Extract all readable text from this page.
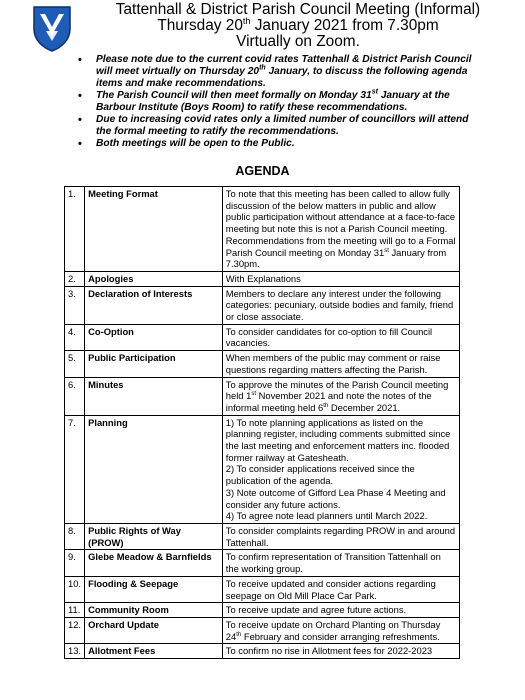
Tattenhall & District Parish Council Meeting (Informal)

Thursday 20th January 2021 from 7.30pm

Virtually on Zoom.

• Please note due to the current covid rates Tattenhall & District Parish Council will meet virtually on Thursday 20th January, to discuss the following agenda items and make recommendations.
• The Parish Council will then meet formally on Monday 31st January at the Barbour Institute (Boys Room) to ratify these recommendations.
• Due to increasing covid rates only a limited number of councillors will attend the formal meeting to ratify the recommendations.
• Both meetings will be open to the Public.

AGENDA

1.	Meeting Format	To note that this meeting has been called to allow fully discussion of the below matters in public and allow public participation without attendance at a face-to-face meeting but note this is not a Parish Council meeting.
Recommendations from the meeting will go to a Formal Parish Council meeting on Monday 31st January from 7.30pm.

2.	Apologies	With Explanations

3.	Declaration of Interests	Members to declare any interest under the following categories: pecuniary, outside bodies and family, friend or close associate.

4.	Co-Option	To consider candidates for co-option to fill Council vacancies.

5.	Public Participation	When members of the public may comment or raise questions regarding matters affecting the Parish.

6.	Minutes	To approve the minutes of the Parish Council meeting held 1st November 2021 and note the notes of the informal meeting held 6th December 2021.

7.	Planning	1) To note planning applications as listed on the planning register, including comments submitted since the last meeting and enforcement matters inc. flooded former railway at Gatesheath.
2) To consider applications received since the publication of the agenda.
3) Note outcome of Gifford Lea Phase 4 Meeting and consider any future actions.
4) To agree note lead planners until March 2022.

8.	Public Rights of Way (PROW)	To consider complaints regarding PROW in and around Tattenhall.

9.	Glebe Meadow & Barnfields	To confirm representation of Transition Tattenhall on the working group.

10.	Flooding & Seepage	To receive updated and consider actions regarding seepage on Old Mill Place Car Park.

11.	Community Room	To receive update and agree future actions.

12.	Orchard Update	To receive update on Orchard Planting on Thursday 24th February and consider arranging refreshments.

13.	Allotment Fees	To confirm no rise in Allotment fees for 2022-2023
